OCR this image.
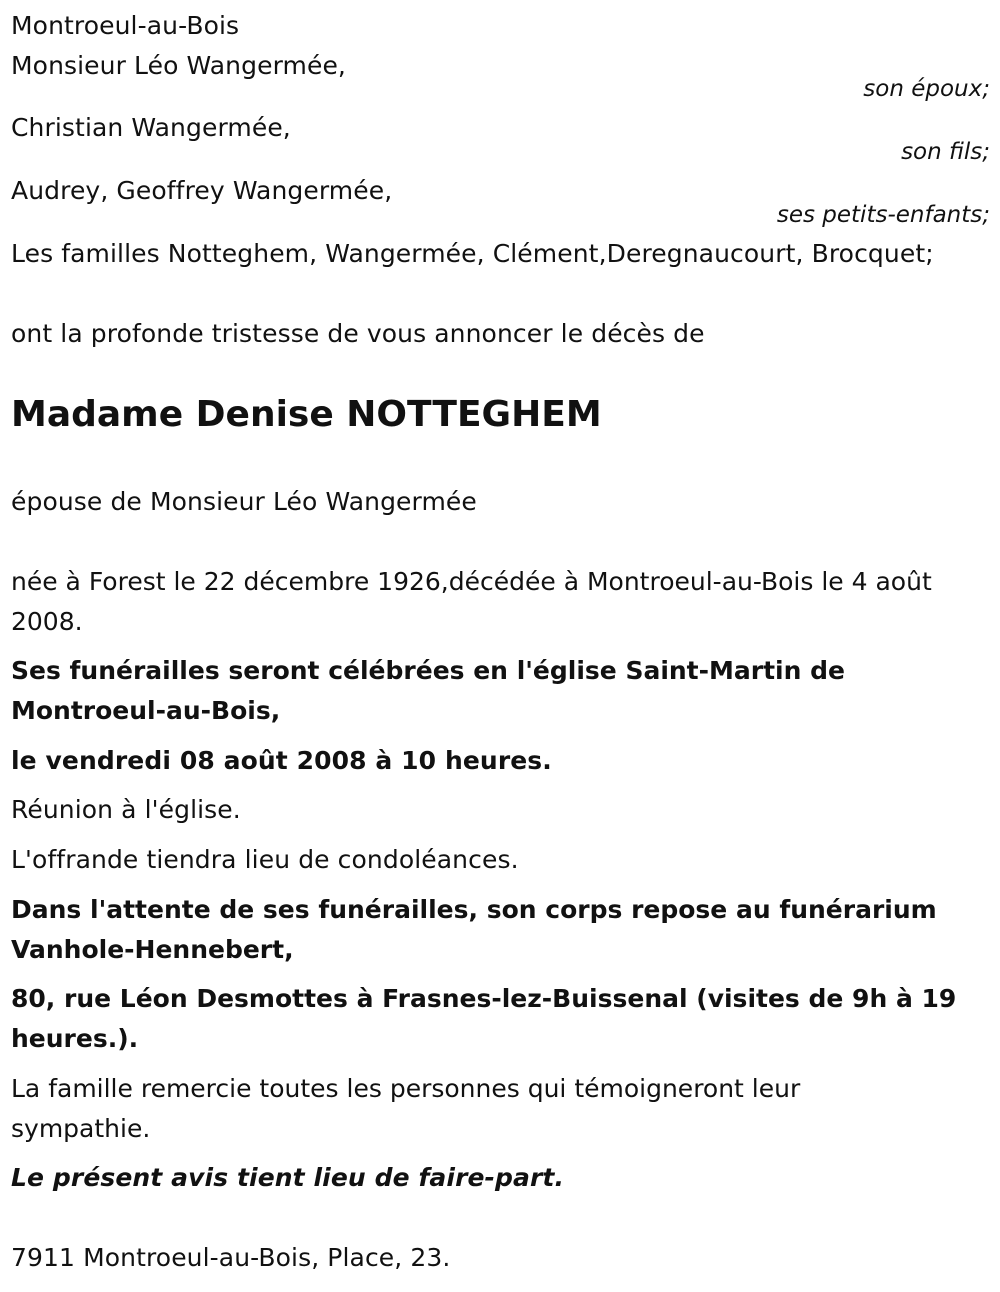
Montroeul-au-Bois
Monsieur Léo Wangermée,
son époux;
Christian Wangermée,
son fils;
Audrey, Geoffrey Wangermée,
ses petits-enfants;
Les familles Notteghem, Wangermée, Clément,Deregnaucourt, Brocquet;
ont la profonde tristesse de vous annoncer le décès de
Madame Denise NOTTEGHEM
épouse de Monsieur Léo Wangermée
née à Forest le 22 décembre 1926,décédée à Montroeul-au-Bois le 4 août 2008.
Ses funérailles seront célébrées en l'église Saint-Martin de Montroeul-au-Bois,
le vendredi 08 août 2008 à 10 heures.
Réunion à l'église.
L'offrande tiendra lieu de condoléances.
Dans l'attente de ses funérailles, son corps repose au funérarium Vanhole-Hennebert,
80, rue Léon Desmottes à Frasnes-lez-Buissenal (visites de 9h à 19 heures.).
La famille remercie toutes les personnes qui témoigneront leur sympathie.
Le présent avis tient lieu de faire-part.
7911 Montroeul-au-Bois, Place, 23.
